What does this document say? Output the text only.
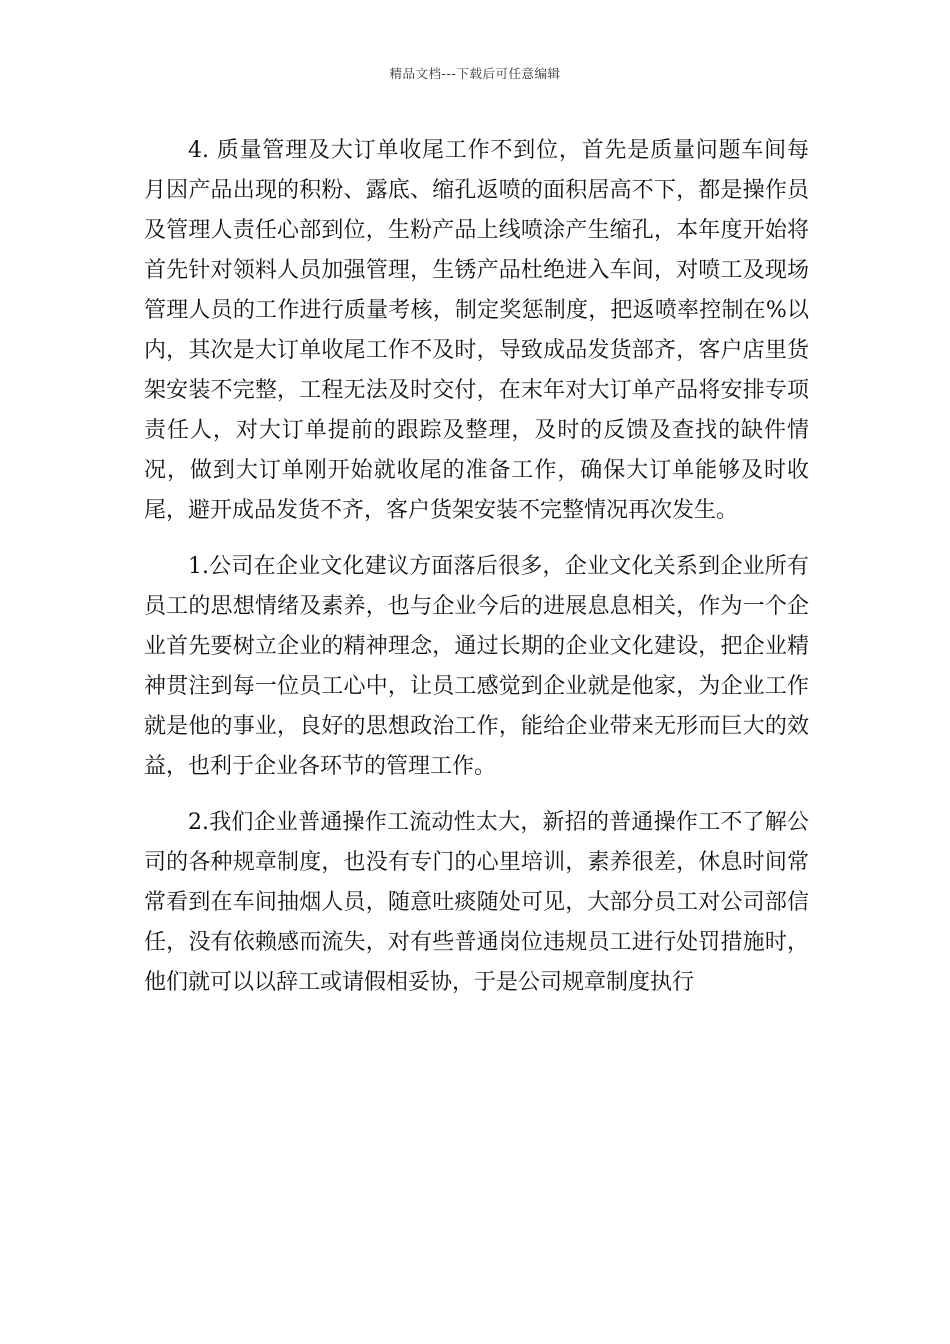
精品文档---下载后可任意编辑

4. 质量管理及大订单收尾工作不到位，首先是质量问题车间每月因产品出现的积粉、露底、缩孔返喷的面积居高不下，都是操作员及管理人责任心部到位，生粉产品上线喷涂产生缩孔，本年度开始将首先针对领料人员加强管理，生锈产品杜绝进入车间，对喷工及现场管理人员的工作进行质量考核，制定奖惩制度，把返喷率控制在%以内，其次是大订单收尾工作不及时，导致成品发货部齐，客户店里货架安装不完整，工程无法及时交付，在末年对大订单产品将安排专项责任人，对大订单提前的跟踪及整理，及时的反馈及查找的缺件情况，做到大订单刚开始就收尾的准备工作，确保大订单能够及时收尾，避开成品发货不齐，客户货架安装不完整情况再次发生。

1.公司在企业文化建议方面落后很多，企业文化关系到企业所有员工的思想情绪及素养，也与企业今后的进展息息相关，作为一个企业首先要树立企业的精神理念，通过长期的企业文化建设，把企业精神贯注到每一位员工心中，让员工感觉到企业就是他家，为企业工作就是他的事业，良好的思想政治工作，能给企业带来无形而巨大的效益，也利于企业各环节的管理工作。

2.我们企业普通操作工流动性太大，新招的普通操作工不了解公司的各种规章制度，也没有专门的心里培训，素养很差，休息时间常常看到在车间抽烟人员，随意吐痰随处可见，大部分员工对公司部信任，没有依赖感而流失，对有些普通岗位违规员工进行处罚措施时，他们就可以以辞工或请假相妥协，于是公司规章制度执行
